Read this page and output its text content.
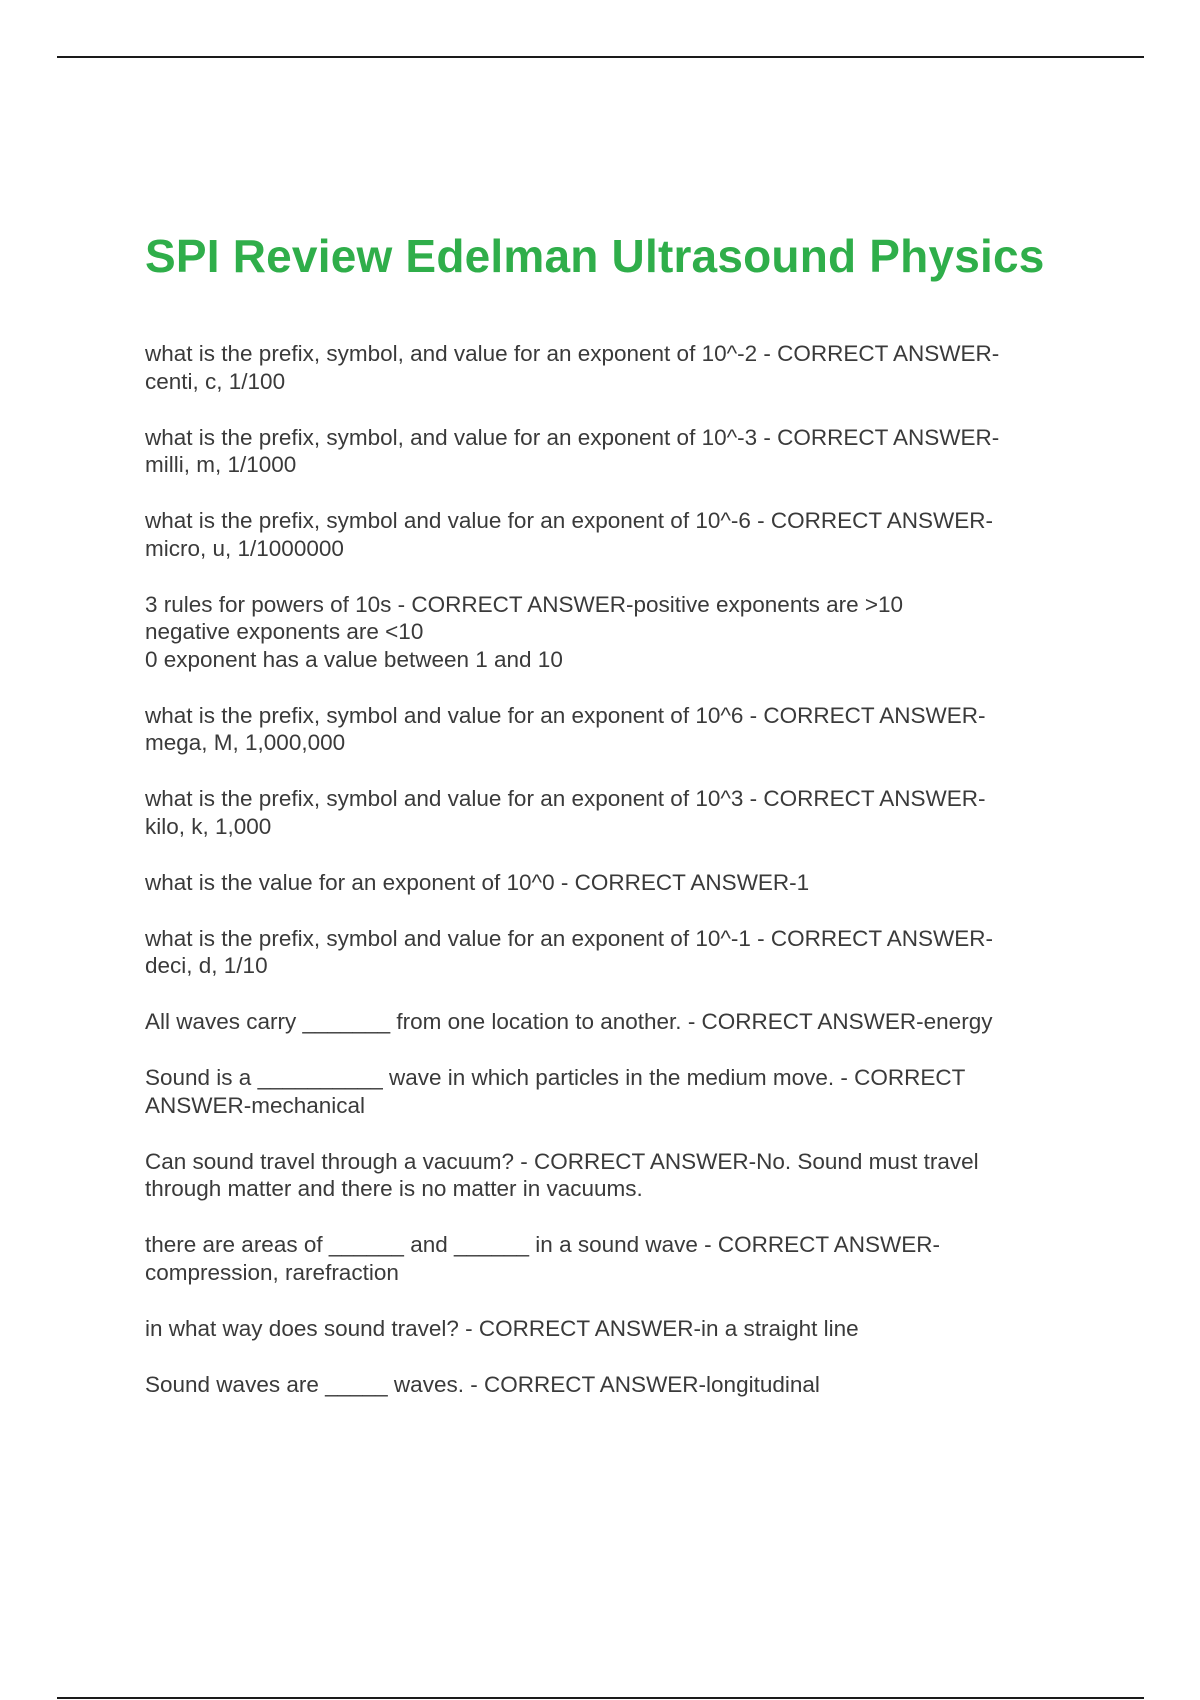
SPI Review Edelman Ultrasound Physics

what is the prefix, symbol, and value for an exponent of 10^-2 - CORRECT ANSWER-
centi, c, 1/100

what is the prefix, symbol, and value for an exponent of 10^-3 - CORRECT ANSWER-
milli, m, 1/1000

what is the prefix, symbol and value for an exponent of 10^-6 - CORRECT ANSWER-
micro, u, 1/1000000

3 rules for powers of 10s - CORRECT ANSWER-positive exponents are >10
negative exponents are <10
0 exponent has a value between 1 and 10

what is the prefix, symbol and value for an exponent of 10^6 - CORRECT ANSWER-
mega, M, 1,000,000

what is the prefix, symbol and value for an exponent of 10^3 - CORRECT ANSWER-
kilo, k, 1,000

what is the value for an exponent of 10^0 - CORRECT ANSWER-1

what is the prefix, symbol and value for an exponent of 10^-1 - CORRECT ANSWER-
deci, d, 1/10

All waves carry _______ from one location to another. - CORRECT ANSWER-energy

Sound is a __________ wave in which particles in the medium move. - CORRECT
ANSWER-mechanical

Can sound travel through a vacuum? - CORRECT ANSWER-No. Sound must travel
through matter and there is no matter in vacuums.

there are areas of ______ and ______ in a sound wave - CORRECT ANSWER-
compression, rarefraction

in what way does sound travel? - CORRECT ANSWER-in a straight line

Sound waves are _____ waves. - CORRECT ANSWER-longitudinal
